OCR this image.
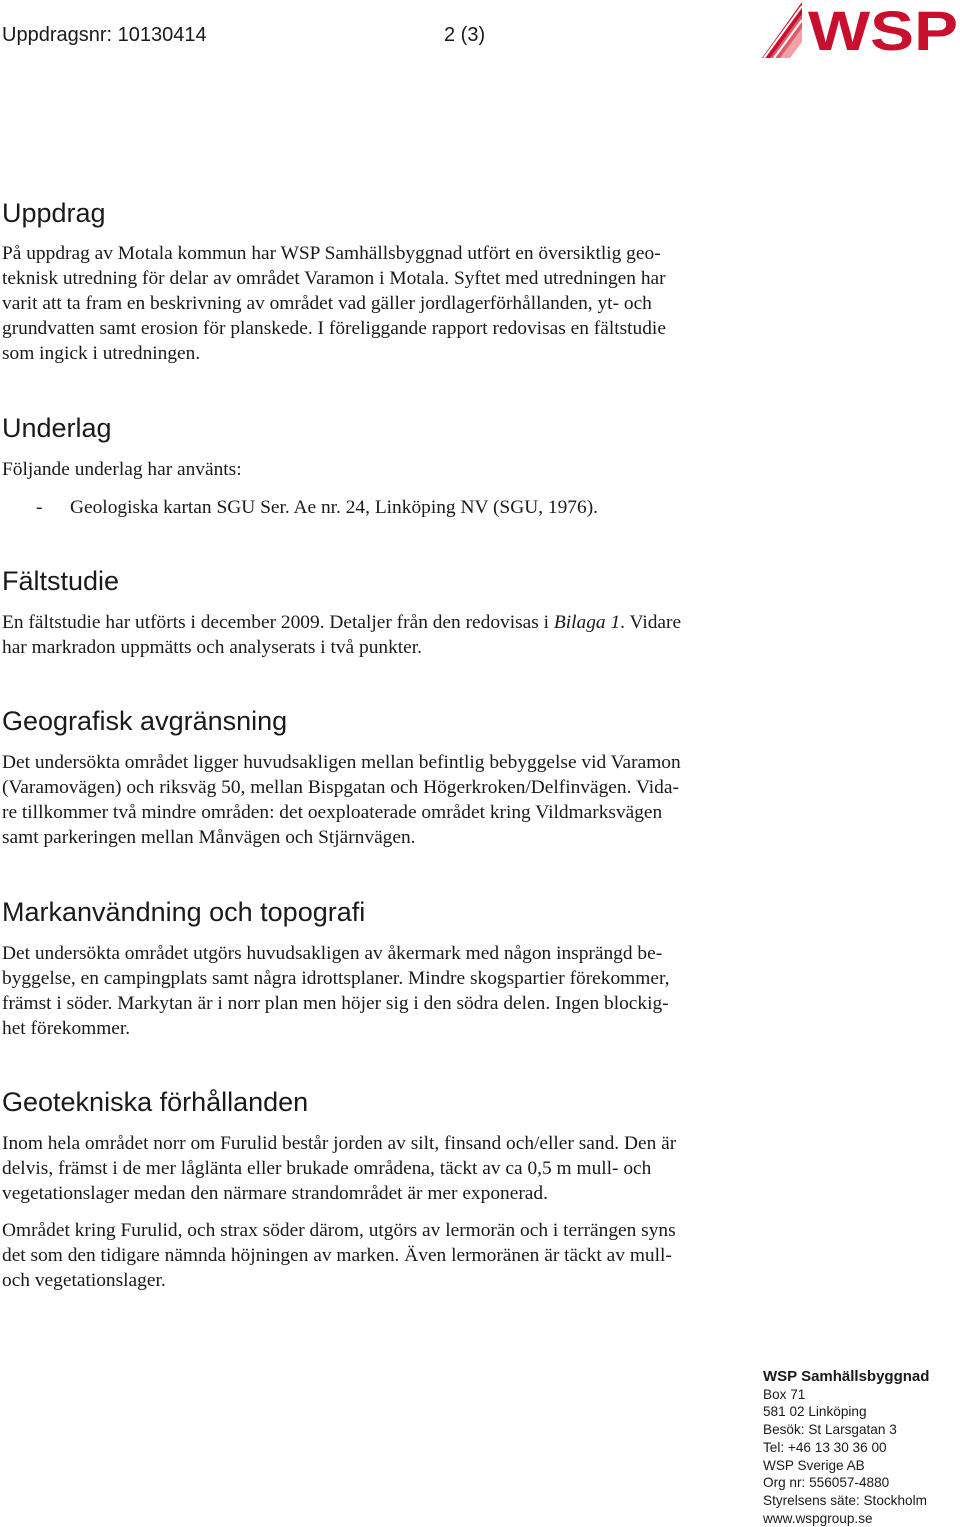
Uppdragsnr: 10130414	2 (3)	WSP
Uppdrag
På uppdrag av Motala kommun har WSP Samhällsbyggnad utfört en översiktlig geo-
teknisk utredning för delar av området Varamon i Motala. Syftet med utredningen har
varit att ta fram en beskrivning av området vad gäller jordlagerförhållanden, yt- och
grundvatten samt erosion för planskede. I föreliggande rapport redovisas en fältstudie
som ingick i utredningen.
Underlag
Följande underlag har använts:
- Geologiska kartan SGU Ser. Ae nr. 24, Linköping NV (SGU, 1976).
Fältstudie
En fältstudie har utförts i december 2009. Detaljer från den redovisas i Bilaga 1. Vidare
har markradon uppmätts och analyserats i två punkter.
Geografisk avgränsning
Det undersökta området ligger huvudsakligen mellan befintlig bebyggelse vid Varamon
(Varamovägen) och riksväg 50, mellan Bispgatan och Högerkroken/Delfinvägen. Vida-
re tillkommer två mindre områden: det oexploaterade området kring Vildmarksvägen
samt parkeringen mellan Månvägen och Stjärnvägen.
Markanvändning och topografi
Det undersökta området utgörs huvudsakligen av åkermark med någon insprängd be-
byggelse, en campingplats samt några idrottsplaner. Mindre skogspartier förekommer,
främst i söder. Markytan är i norr plan men höjer sig i den södra delen. Ingen blockig-
het förekommer.
Geotekniska förhållanden
Inom hela området norr om Furulid består jorden av silt, finsand och/eller sand. Den är
delvis, främst i de mer låglänta eller brukade områdena, täckt av ca 0,5 m mull- och
vegetationslager medan den närmare strandområdet är mer exponerad.
Området kring Furulid, och strax söder därom, utgörs av lermorän och i terrängen syns
det som den tidigare nämnda höjningen av marken. Även lermoränen är täckt av mull-
och vegetationslager.
WSP Samhällsbyggnad
Box 71
581 02 Linköping
Besök: St Larsgatan 3
Tel: +46 13 30 36 00
WSP Sverige AB
Org nr: 556057-4880
Styrelsens säte: Stockholm
www.wspgroup.se
